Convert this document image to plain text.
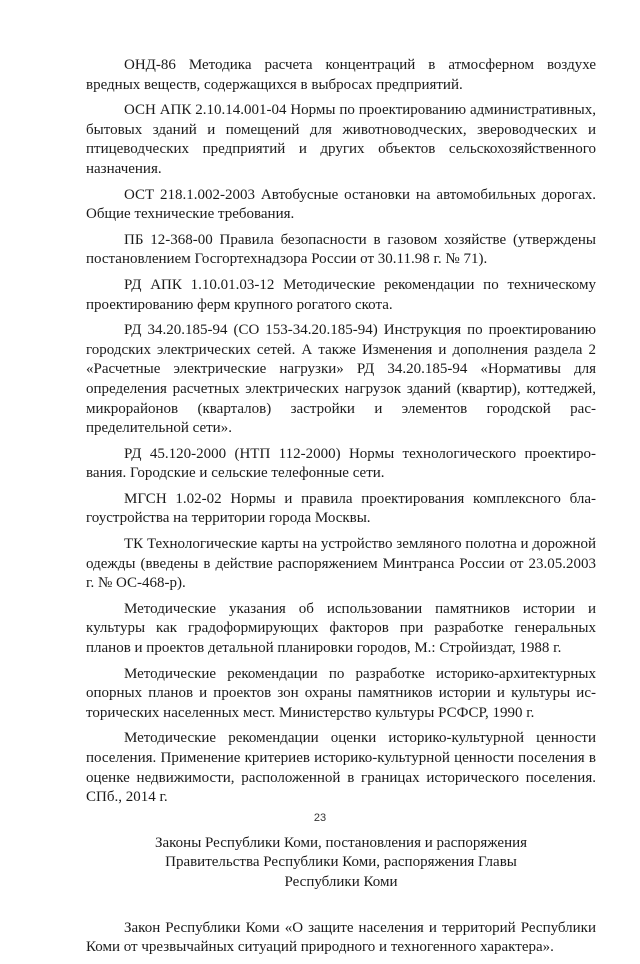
ОНД-86 Методика расчета концентраций в атмосферном воздухе вредных веществ, содержащихся в выбросах предприятий.

ОСН АПК 2.10.14.001-04 Нормы по проектированию административных, бытовых зданий и помещений для животноводческих, звероводческих и птицеводческих предприятий и других объектов сельскохозяйственного назначения.

ОСТ 218.1.002-2003 Автобусные остановки на автомобильных дорогах. Общие технические требования.

ПБ 12-368-00 Правила безопасности в газовом хозяйстве (утверждены постановлением Госгортехнадзора России от 30.11.98 г. № 71).

РД АПК 1.10.01.03-12 Методические рекомендации по техническому проектированию ферм крупного рогатого скота.

РД 34.20.185-94 (СО 153-34.20.185-94) Инструкция по проектированию городских электрических сетей. А также Изменения и дополнения раздела 2 «Расчетные электрические нагрузки» РД 34.20.185-94 «Нормативы для определения расчетных электрических нагрузок зданий (квартир), коттеджей, микрорайонов (кварталов) застройки и элементов городской распределительной сети».

РД 45.120-2000 (НТП 112-2000) Нормы технологического проектирования. Городские и сельские телефонные сети.

МГСН 1.02-02 Нормы и правила проектирования комплексного благоустройства на территории города Москвы.

ТК Технологические карты на устройство земляного полотна и дорожной одежды (введены в действие распоряжением Минтранса России от 23.05.2003 г. № ОС-468-р).

Методические указания об использовании памятников истории и культуры как градоформирующих факторов при разработке генеральных планов и проектов детальной планировки городов, М.: Стройиздат, 1988 г.

Методические рекомендации по разработке историко-архитектурных опорных планов и проектов зон охраны памятников истории и культуры исторических населенных мест. Министерство культуры РСФСР, 1990 г.

Методические рекомендации оценки историко-культурной ценности поселения. Применение критериев историко-культурной ценности поселения в оценке недвижимости, расположенной в границах исторического поселения. СПб., 2014 г.

Законы Республики Коми, постановления и распоряжения
Правительства Республики Коми, распоряжения Главы
Республики Коми

Закон Республики Коми «О защите населения и территорий Республики Коми от чрезвычайных ситуаций природного и техногенного характера».

23
